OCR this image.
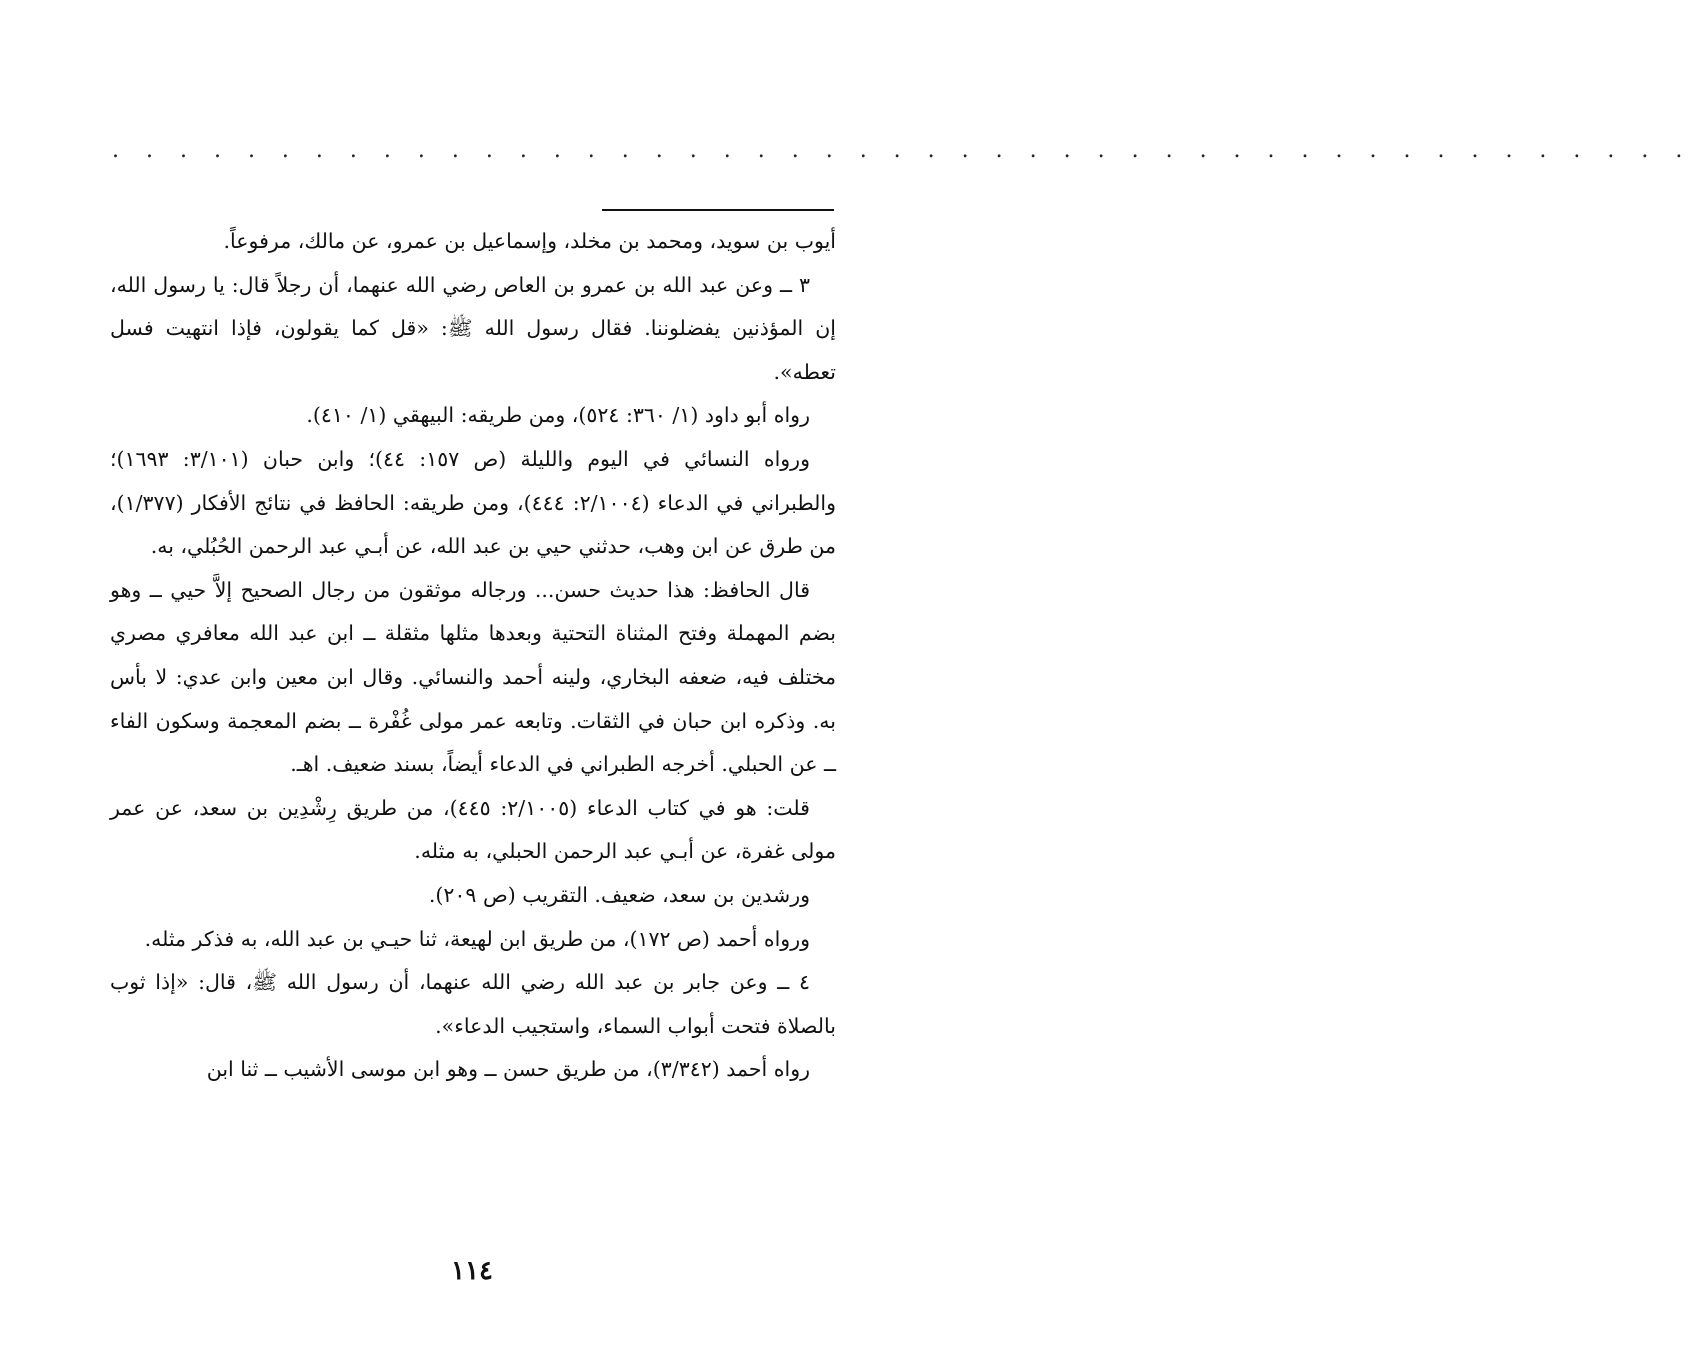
. . . . . . . . . . . . . . . . . . . . . . . . . . . . . . . . . . . . . . . . . . . . . . .

أيوب بن سويد، ومحمد بن مخلد، وإسماعيل بن عمرو، عن مالك، مرفوعاً.

٣ ــ وعن عبد الله بن عمرو بن العاص رضي الله عنهما، أن رجلاً قال: يا رسول الله، إن المؤذنين يفضلوننا. فقال رسول الله ﷺ: «قل كما يقولون، فإذا انتهيت فسل تعطه».

رواه أبو داود (١/ ٣٦٠: ٥٢٤)، ومن طريقه: البيهقي (١/ ٤١٠).

ورواه النسائي في اليوم والليلة (ص ١٥٧: ٤٤)؛ وابن حبان (٣/١٠١: ١٦٩٣)؛ والطبراني في الدعاء (٢/١٠٠٤: ٤٤٤)، ومن طريقه: الحافظ في نتائج الأفكار (١/٣٧٧)، من طرق عن ابن وهب، حدثني حيي بن عبد الله، عن أبـي عبد الرحمن الحُبُلي، به.

قال الحافظ: هذا حديث حسن... ورجاله موثقون من رجال الصحيح إلاَّ حيي ــ وهو بضم المهملة وفتح المثناة التحتية وبعدها مثلها مثقلة ــ ابن عبد الله معافري مصري مختلف فيه، ضعفه البخاري، ولينه أحمد والنسائي. وقال ابن معين وابن عدي: لا بأس به. وذكره ابن حبان في الثقات. وتابعه عمر مولى غُفْرة ــ بضم المعجمة وسكون الفاء ــ عن الحبلي. أخرجه الطبراني في الدعاء أيضاً، بسند ضعيف. اهـ.

قلت: هو في كتاب الدعاء (٢/١٠٠٥: ٤٤٥)، من طريق رِشْدِين بن سعد، عن عمر مولى غفرة، عن أبـي عبد الرحمن الحبلي، به مثله.

ورشدين بن سعد، ضعيف. التقريب (ص ٢٠٩).

ورواه أحمد (ص ١٧٢)، من طريق ابن لهيعة، ثنا حيـي بن عبد الله، به فذكر مثله.

٤ ــ وعن جابر بن عبد الله رضي الله عنهما، أن رسول الله ﷺ، قال: «إذا ثوب بالصلاة فتحت أبواب السماء، واستجيب الدعاء».

رواه أحمد (٣/٣٤٢)، من طريق حسن ــ وهو ابن موسى الأشيب ــ ثنا ابن

١١٤
